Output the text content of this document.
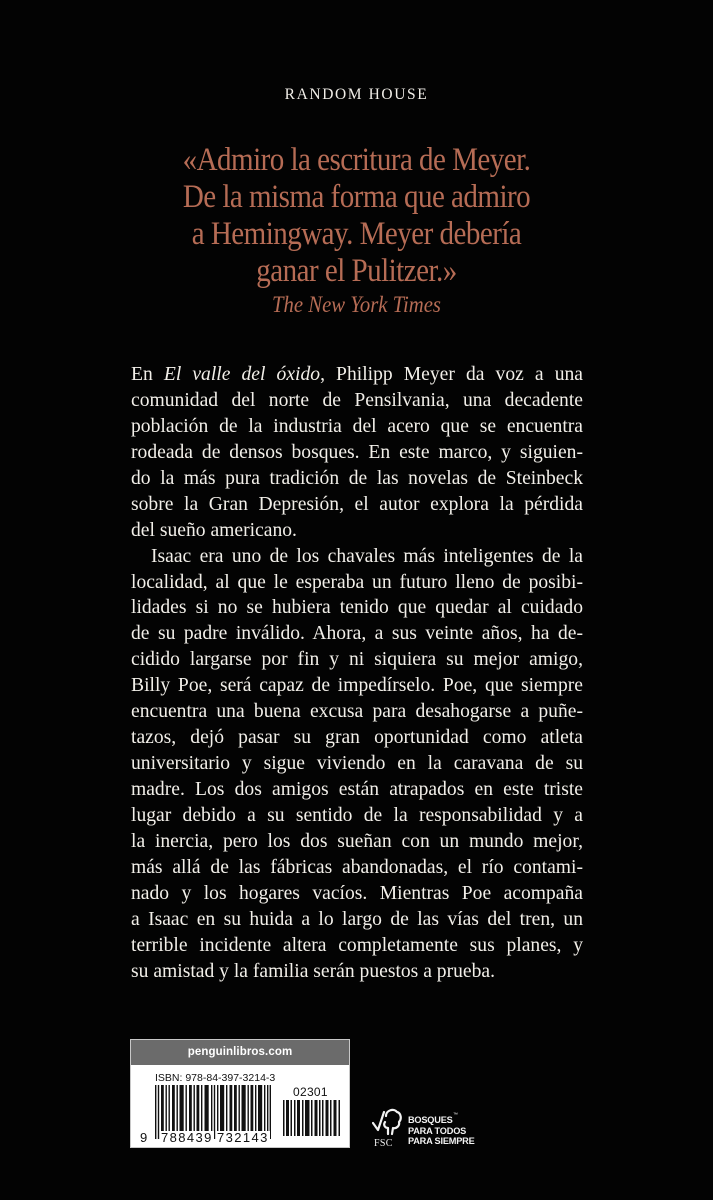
RANDOM HOUSE
«Admiro la escritura de Meyer.
De la misma forma que admiro
a Hemingway. Meyer debería
ganar el Pulitzer.»
The New York Times
En El valle del óxido, Philipp Meyer da voz a una
comunidad del norte de Pensilvania, una decadente
población de la industria del acero que se encuentra
rodeada de densos bosques. En este marco, y siguien-
do la más pura tradición de las novelas de Steinbeck
sobre la Gran Depresión, el autor explora la pérdida
del sueño americano.
Isaac era uno de los chavales más inteligentes de la
localidad, al que le esperaba un futuro lleno de posibi-
lidades si no se hubiera tenido que quedar al cuidado
de su padre inválido. Ahora, a sus veinte años, ha de-
cidido largarse por fin y ni siquiera su mejor amigo,
Billy Poe, será capaz de impedírselo. Poe, que siempre
encuentra una buena excusa para desahogarse a puñe-
tazos, dejó pasar su gran oportunidad como atleta
universitario y sigue viviendo en la caravana de su
madre. Los dos amigos están atrapados en este triste
lugar debido a su sentido de la responsabilidad y a
la inercia, pero los dos sueñan con un mundo mejor,
más allá de las fábricas abandonadas, el río contami-
nado y los hogares vacíos. Mientras Poe acompaña
a Isaac en su huida a lo largo de las vías del tren, un
terrible incidente altera completamente sus planes, y
su amistad y la familia serán puestos a prueba.
penguinlibros.com
ISBN: 978-84-397-3214-3
9 788439 732143
02301
FSC
BOSQUES
PARA TODOS
PARA SIEMPRE
™
